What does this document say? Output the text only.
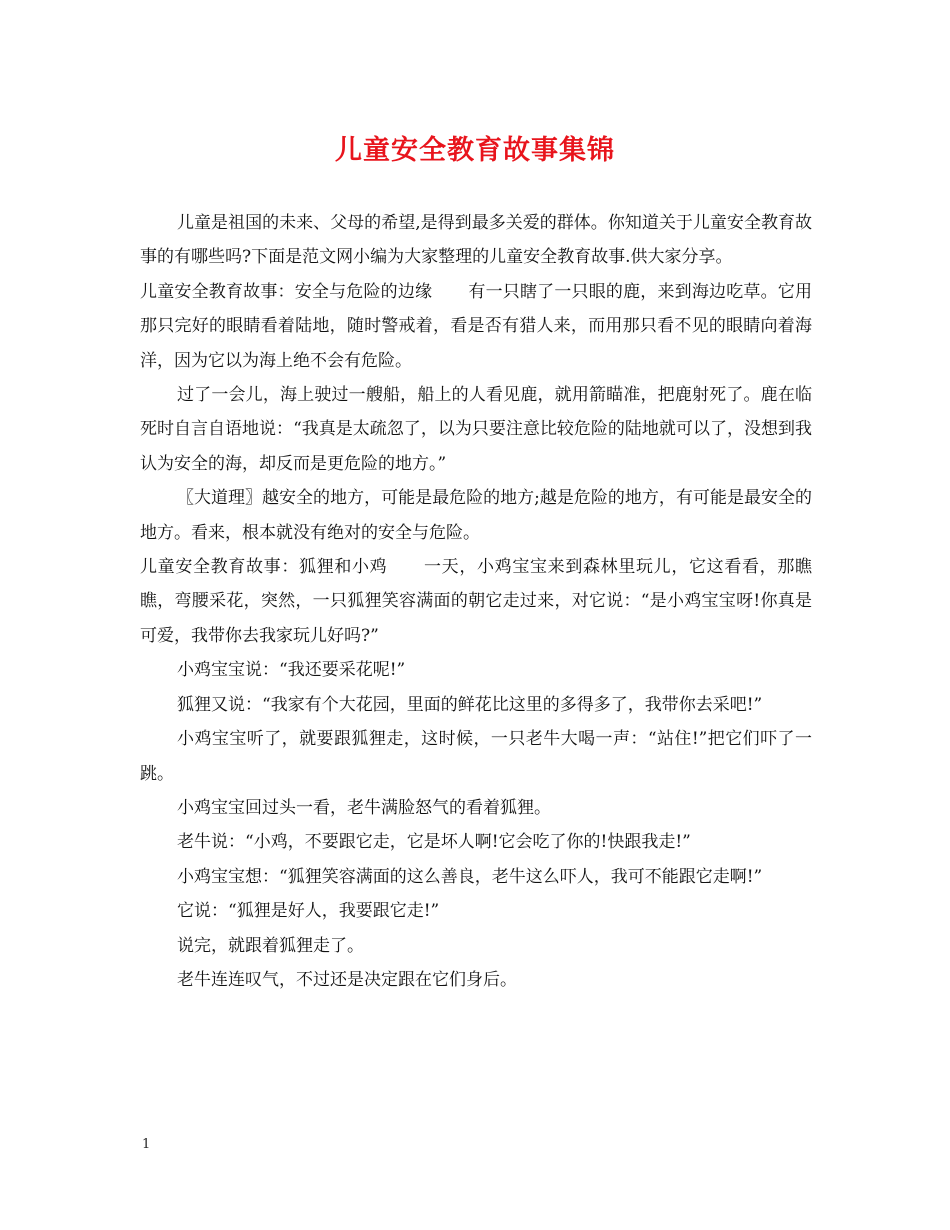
儿童安全教育故事集锦

儿童是祖国的未来、父母的希望,是得到最多关爱的群体。你知道关于儿童安全教育故事的有哪些吗?下面是范文网小编为大家整理的儿童安全教育故事.供大家分享。

儿童安全教育故事：安全与危险的边缘 有一只瞎了一只眼的鹿，来到海边吃草。它用那只完好的眼睛看着陆地，随时警戒着，看是否有猎人来，而用那只看不见的眼睛向着海洋，因为它以为海上绝不会有危险。

过了一会儿，海上驶过一艘船，船上的人看见鹿，就用箭瞄准，把鹿射死了。鹿在临死时自言自语地说：“我真是太疏忽了，以为只要注意比较危险的陆地就可以了，没想到我认为安全的海，却反而是更危险的地方。”

〖大道理〗越安全的地方，可能是最危险的地方;越是危险的地方，有可能是最安全的地方。看来，根本就没有绝对的安全与危险。

儿童安全教育故事：狐狸和小鸡 一天，小鸡宝宝来到森林里玩儿，它这看看，那瞧瞧，弯腰采花，突然，一只狐狸笑容满面的朝它走过来，对它说：“是小鸡宝宝呀!你真是可爱，我带你去我家玩儿好吗?”

小鸡宝宝说：“我还要采花呢!”

狐狸又说：“我家有个大花园，里面的鲜花比这里的多得多了，我带你去采吧!”

小鸡宝宝听了，就要跟狐狸走，这时候，一只老牛大喝一声：“站住!”把它们吓了一跳。

小鸡宝宝回过头一看，老牛满脸怒气的看着狐狸。

老牛说：“小鸡，不要跟它走，它是坏人啊!它会吃了你的!快跟我走!”

小鸡宝宝想：“狐狸笑容满面的这么善良，老牛这么吓人，我可不能跟它走啊!”

它说：“狐狸是好人，我要跟它走!”

说完，就跟着狐狸走了。

老牛连连叹气，不过还是决定跟在它们身后。

1
